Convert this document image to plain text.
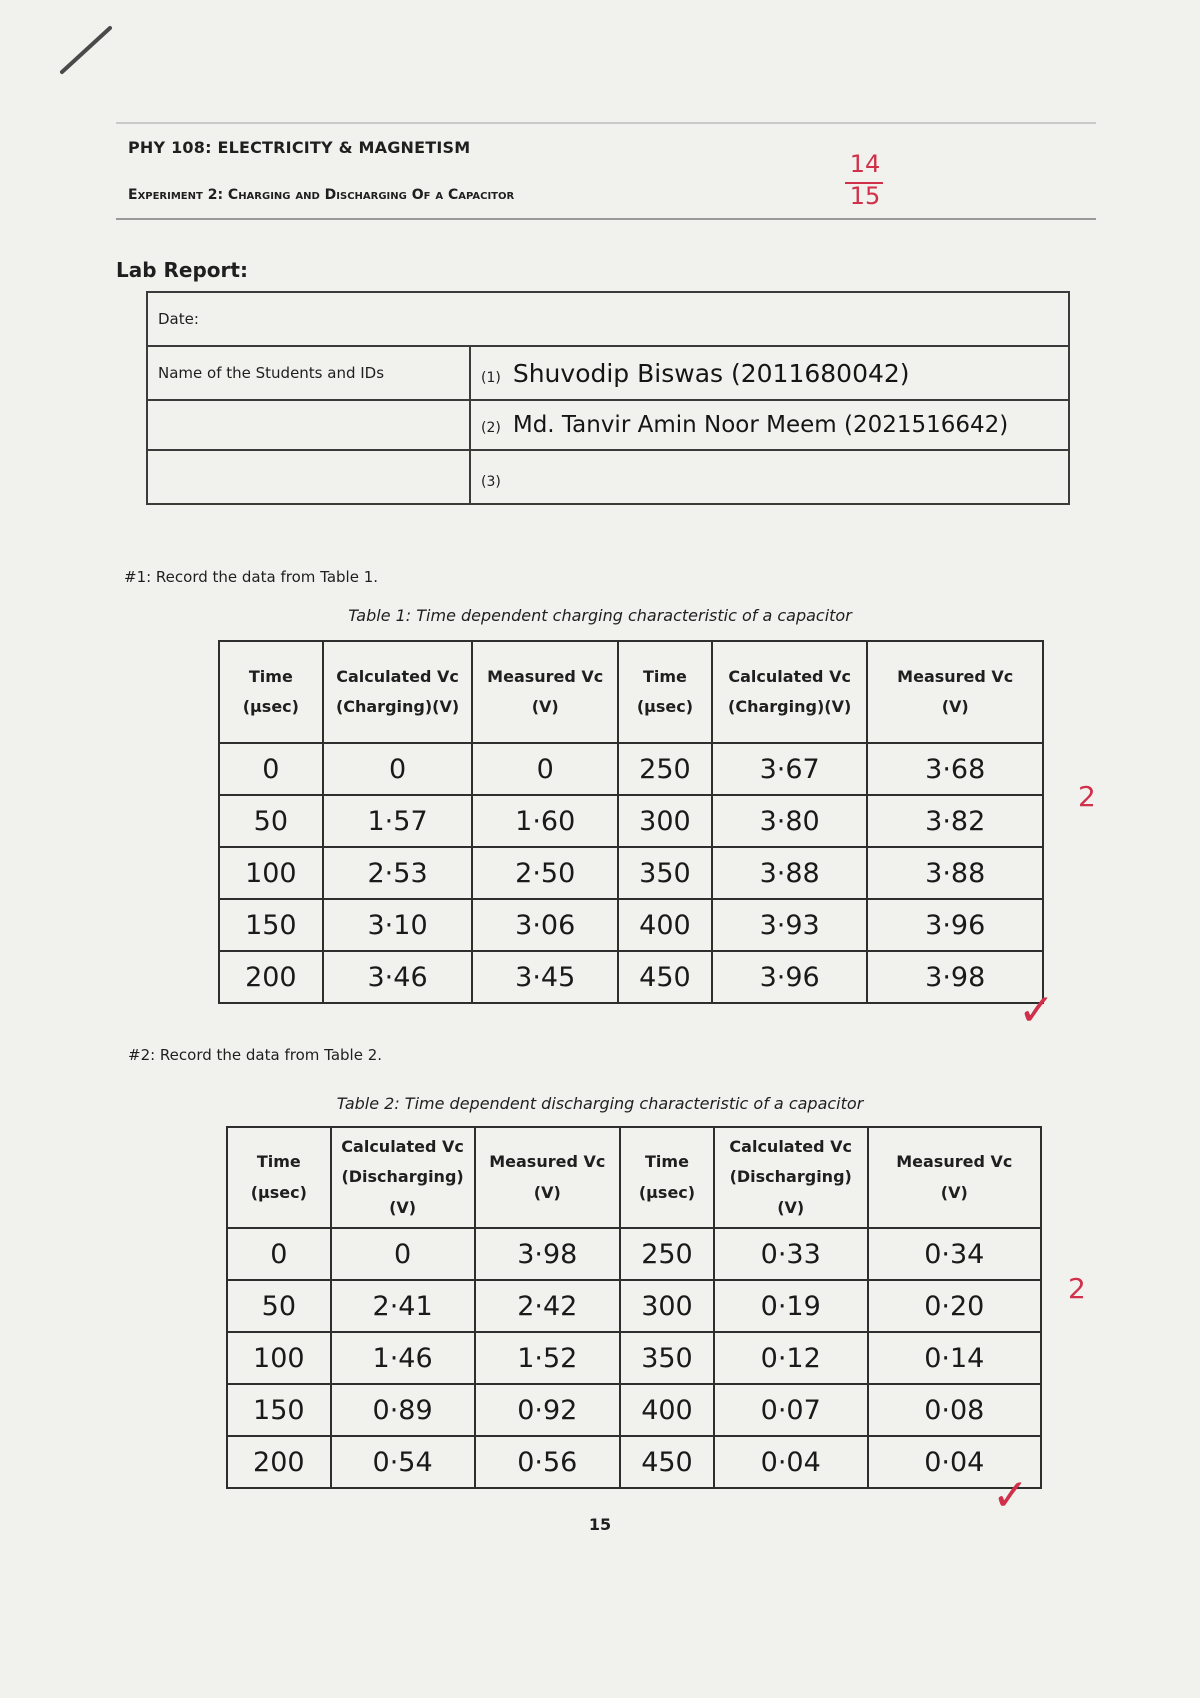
PHY 108: ELECTRICITY & MAGNETISM
Experiment 2: Charging and Discharging Of a Capacitor
14
15
Lab Report:
Date:	
Name of the Students and IDs	(1) Shuvodip Biswas (2011680042)
	(2) Md. Tanvir Amin Noor Meem (2021516642)
	(3)
#1: Record the data from Table 1.
Table 1: Time dependent charging characteristic of a capacitor
Time
(µsec)	Calculated Vc
(Charging)(V)	Measured Vc
(V)	Time
(µsec)	Calculated Vc
(Charging)(V)	Measured Vc
(V)
0	0	0	250	3·67	3·68
50	1·57	1·60	300	3·80	3·82
100	2·53	2·50	350	3·88	3·88
150	3·10	3·06	400	3·93	3·96
200	3·46	3·45	450	3·96	3·98
2
✓
#2: Record the data from Table 2.
Table 2: Time dependent discharging characteristic of a capacitor
Time
(µsec)	Calculated Vc
(Discharging)(V)	Measured Vc
(V)	Time
(µsec)	Calculated Vc
(Discharging)(V)	Measured Vc
(V)
0	0	3·98	250	0·33	0·34
50	2·41	2·42	300	0·19	0·20
100	1·46	1·52	350	0·12	0·14
150	0·89	0·92	400	0·07	0·08
200	0·54	0·56	450	0·04	0·04
2
✓
15
